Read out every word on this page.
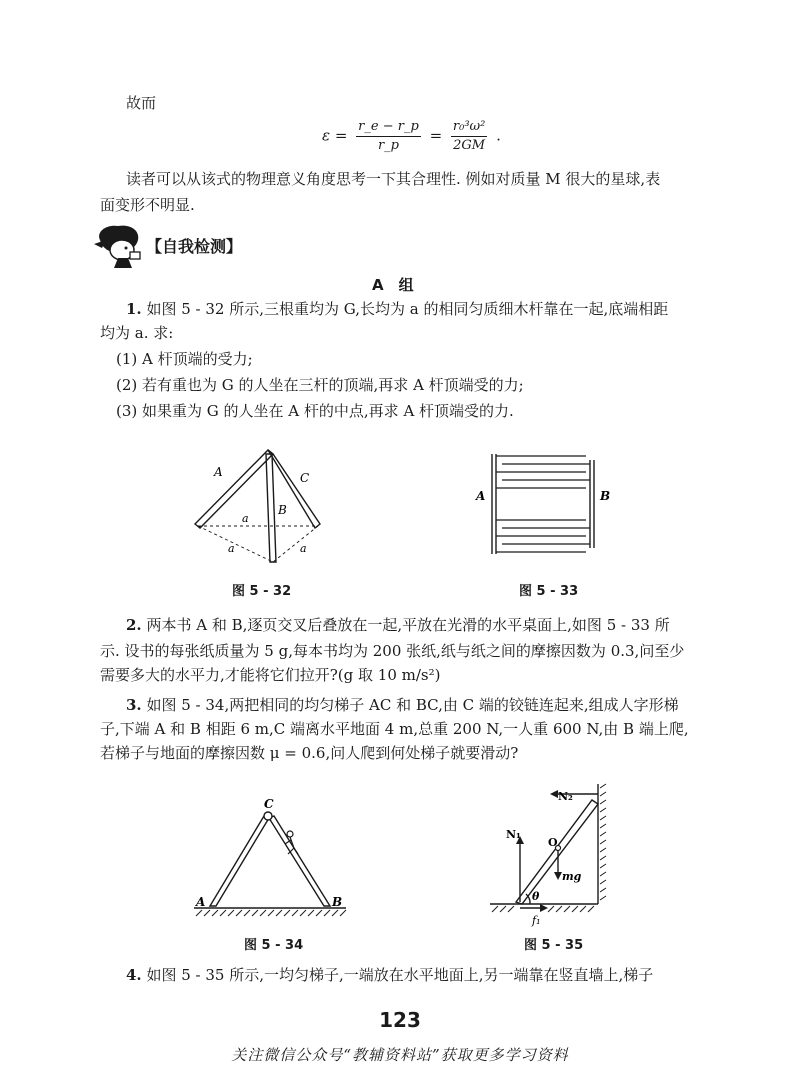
故而
$\varepsilon = \frac{r\_e - r\_p}{r\_p} = \frac{\text{r₀³ω²}}{2GM}$ .
读者可以从该式的物理意义角度思考一下其合理性. 例如对质量 M 很大的星球,表
面变形不明显.
【自我检测】
A　组
1. 如图 5 - 32 所示,三根重均为 G,长均为 a 的相同匀质细木杆靠在一起,底端相距
均为 a. 求:
(1) A 杆顶端的受力;
(2) 若有重也为 G 的人坐在三杆的顶端,再求 A 杆顶端受的力;
(3) 如果重为 G 的人坐在 A 杆的中点,再求 A 杆顶端受的力.
A
B
C
a
a	a
图 5 - 32
A	B
图 5 - 33
2. 两本书 A 和 B,逐页交叉后叠放在一起,平放在光滑的水平桌面上,如图 5 - 33 所
示. 设书的每张纸质量为 5 g,每本书均为 200 张纸,纸与纸之间的摩擦因数为 0.3,问至少
需要多大的水平力,才能将它们拉开?(g 取 10 m/s²)
3. 如图 5 - 34,两把相同的均匀梯子 AC 和 BC,由 C 端的铰链连起来,组成人字形梯
子,下端 A 和 B 相距 6 m,C 端离水平地面 4 m,总重 200 N,一人重 600 N,由 B 端上爬,
若梯子与地面的摩擦因数 μ = 0.6,问人爬到何处梯子就要滑动?
C
A	B
图 5 - 34
N₁
N₂
O
mg
θ
f₁
图 5 - 35
4. 如图 5 - 35 所示,一均匀梯子,一端放在水平地面上,另一端靠在竖直墙上,梯子
123
关注微信公众号“教辅资料站”获取更多学习资料
